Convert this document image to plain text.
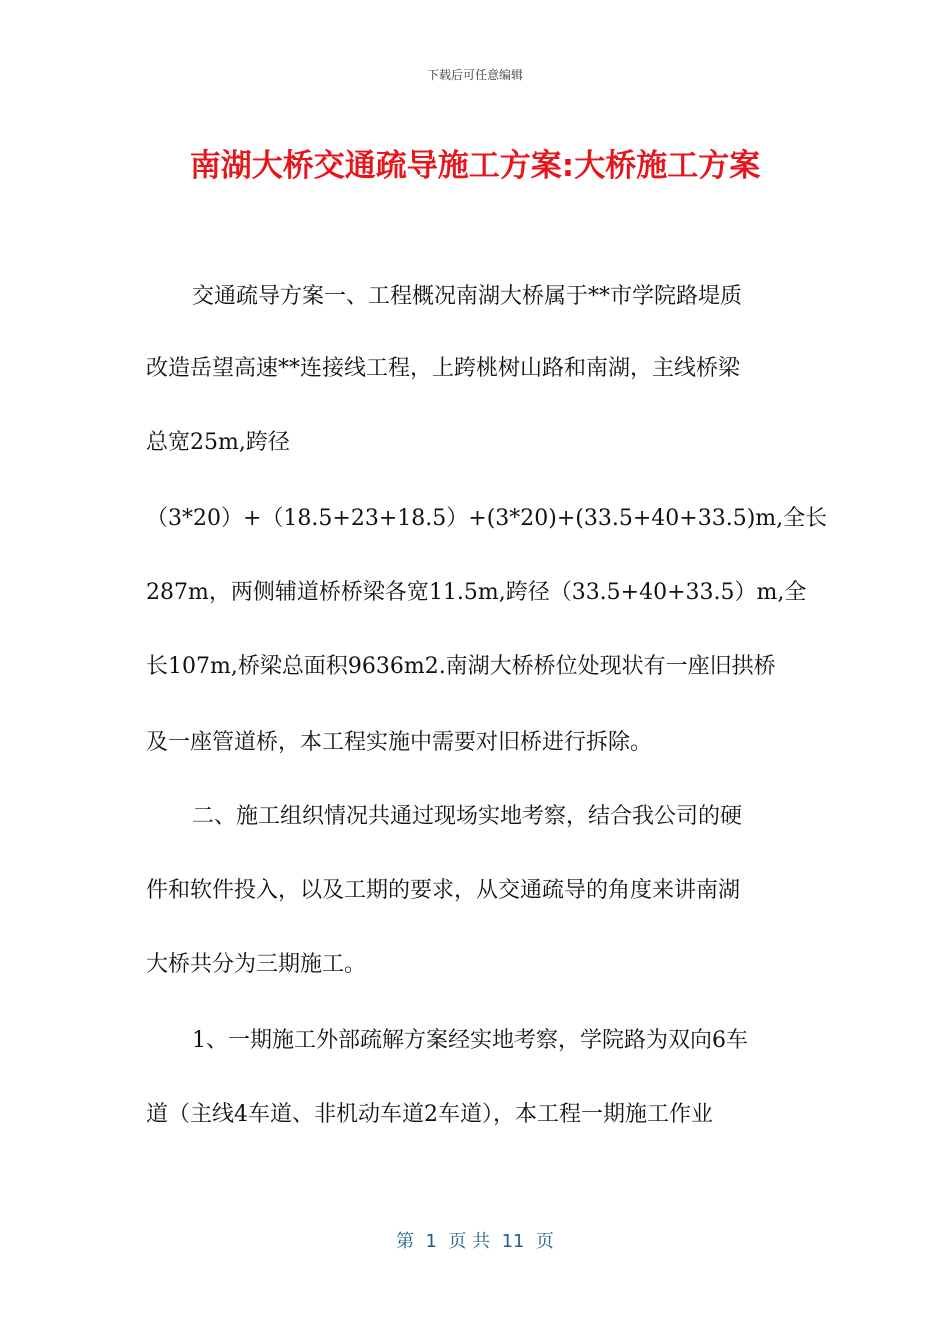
下载后可任意编辑
南湖大桥交通疏导施工方案:大桥施工方案
交通疏导方案一、工程概况南湖大桥属于**市学院路堤质
改造岳望高速**连接线工程，上跨桃树山路和南湖，主线桥梁
总宽25m,跨径
（3*20）+（18.5+23+18.5）+(3*20)+(33.5+40+33.5)m,全长
287m，两侧辅道桥桥梁各宽11.5m,跨径（33.5+40+33.5）m,全
长107m,桥梁总面积9636m2.南湖大桥桥位处现状有一座旧拱桥
及一座管道桥，本工程实施中需要对旧桥进行拆除。
二、施工组织情况共通过现场实地考察，结合我公司的硬
件和软件投入，以及工期的要求，从交通疏导的角度来讲南湖
大桥共分为三期施工。
1、一期施工外部疏解方案经实地考察，学院路为双向6车
道（主线4车道、非机动车道2车道），本工程一期施工作业
第  1  页 共  11  页
